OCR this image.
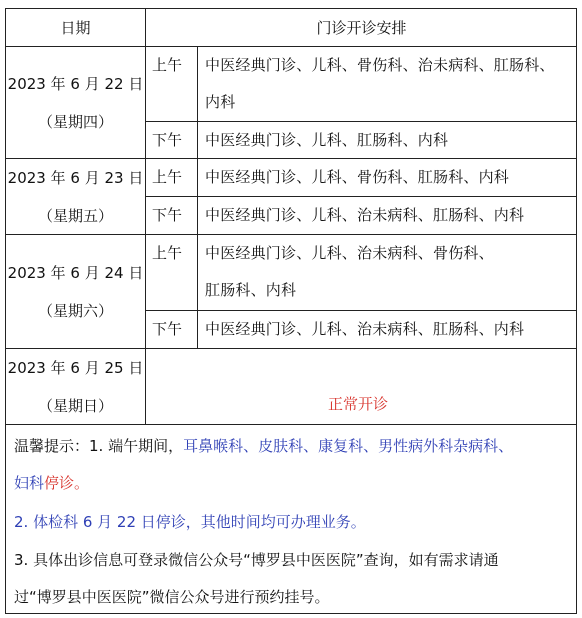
日期	门诊开诊安排
2023 年 6 月 22 日
（星期四）
上午	中医经典门诊、儿科、骨伤科、治未病科、肛肠科、
内科
下午	中医经典门诊、儿科、肛肠科、内科
2023 年 6 月 23 日
（星期五）
上午	中医经典门诊、儿科、骨伤科、肛肠科、内科
下午	中医经典门诊、儿科、治未病科、肛肠科、内科
2023 年 6 月 24 日
（星期六）
上午	中医经典门诊、儿科、治未病科、骨伤科、
肛肠科、内科
下午	中医经典门诊、儿科、治未病科、肛肠科、内科
2023 年 6 月 25 日
（星期日）	正常开诊
温馨提示：1. 端午期间，耳鼻喉科、皮肤科、康复科、男性病外科杂病科、
妇科停诊。
2. 体检科 6 月 22 日停诊，其他时间均可办理业务。
3. 具体出诊信息可登录微信公众号“博罗县中医医院”查询，如有需求请通
过“博罗县中医医院”微信公众号进行预约挂号。
